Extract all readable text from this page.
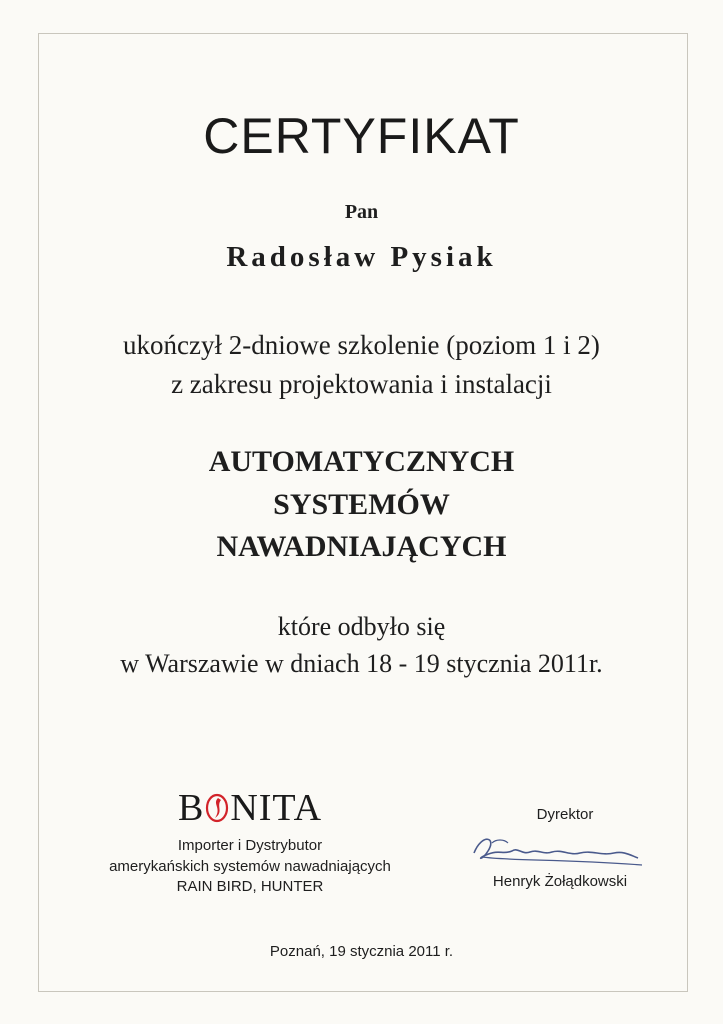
CERTYFIKAT
Pan
Radosław Pysiak
ukończył 2-dniowe szkolenie (poziom 1 i 2)
z zakresu projektowania i instalacji
AUTOMATYCZNYCH
SYSTEMÓW
NAWADNIAJĄCYCH
które odbyło się
w Warszawie w dniach 18 - 19 stycznia 2011r.
B NITA
Importer i Dystrybutor
amerykańskich systemów nawadniających
RAIN BIRD, HUNTER
Dyrektor
Henryk Żołądkowski
Poznań, 19 stycznia 2011 r.
